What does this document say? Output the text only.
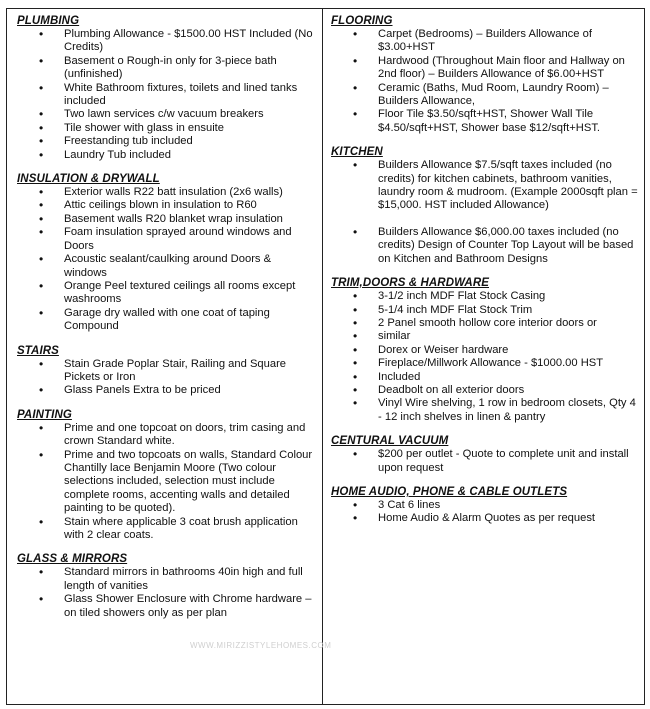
PLUMBING
• Plumbing Allowance - $1500.00 HST Included (No Credits)
• Basement o Rough-in only for 3-piece bath (unfinished)
• White Bathroom fixtures, toilets and lined tanks included
• Two lawn services c/w vacuum breakers
• Tile shower with glass in ensuite
• Freestanding tub included
• Laundry Tub included
INSULATION & DRYWALL
• Exterior walls R22 batt insulation (2x6 walls)
• Attic ceilings blown in insulation to R60
• Basement walls R20 blanket wrap insulation
• Foam insulation sprayed around windows and Doors
• Acoustic sealant/caulking around Doors & windows
• Orange Peel textured ceilings all rooms except washrooms
• Garage dry walled with one coat of taping Compound
STAIRS
• Stain Grade Poplar Stair, Railing and Square Pickets or Iron
• Glass Panels Extra to be priced
PAINTING
• Prime and one topcoat on doors, trim casing and crown Standard white.
• Prime and two topcoats on walls, Standard Colour Chantilly lace Benjamin Moore (Two colour selections included, selection must include complete rooms, accenting walls and detailed painting to be quoted).
• Stain where applicable 3 coat brush application with 2 clear coats.
GLASS & MIRRORS
• Standard mirrors in bathrooms 40in high and full length of vanities
• Glass Shower Enclosure with Chrome hardware – on tiled showers only as per plan
FLOORING
• Carpet (Bedrooms) – Builders Allowance of $3.00+HST
• Hardwood (Throughout Main floor and Hallway on 2nd floor) – Builders Allowance of $6.00+HST
• Ceramic (Baths, Mud Room, Laundry Room) – Builders Allowance,
• Floor Tile $3.50/sqft+HST, Shower Wall Tile $4.50/sqft+HST, Shower base $12/sqft+HST.
KITCHEN
• Builders Allowance $7.5/sqft taxes included (no credits) for kitchen cabinets, bathroom vanities, laundry room & mudroom. (Example 2000sqft plan = $15,000. HST included Allowance)
• Builders Allowance $6,000.00 taxes included (no credits) Design of Counter Top Layout will be based on Kitchen and Bathroom Designs
TRIM,DOORS & HARDWARE
• 3-1/2 inch MDF Flat Stock Casing
• 5-1/4 inch MDF Flat Stock Trim
• 2 Panel smooth hollow core interior doors or
• similar
• Dorex or Weiser hardware
• Fireplace/Millwork Allowance - $1000.00 HST
• Included
• Deadbolt on all exterior doors
• Vinyl Wire shelving, 1 row in bedroom closets, Qty 4 - 12 inch shelves in linen & pantry
CENTURAL VACUUM
• $200 per outlet - Quote to complete unit and install upon request
HOME AUDIO, PHONE & CABLE OUTLETS
• 3 Cat 6 lines
• Home Audio & Alarm Quotes as per request
WWW.MIRIZZISTYLEHOMES.COM
